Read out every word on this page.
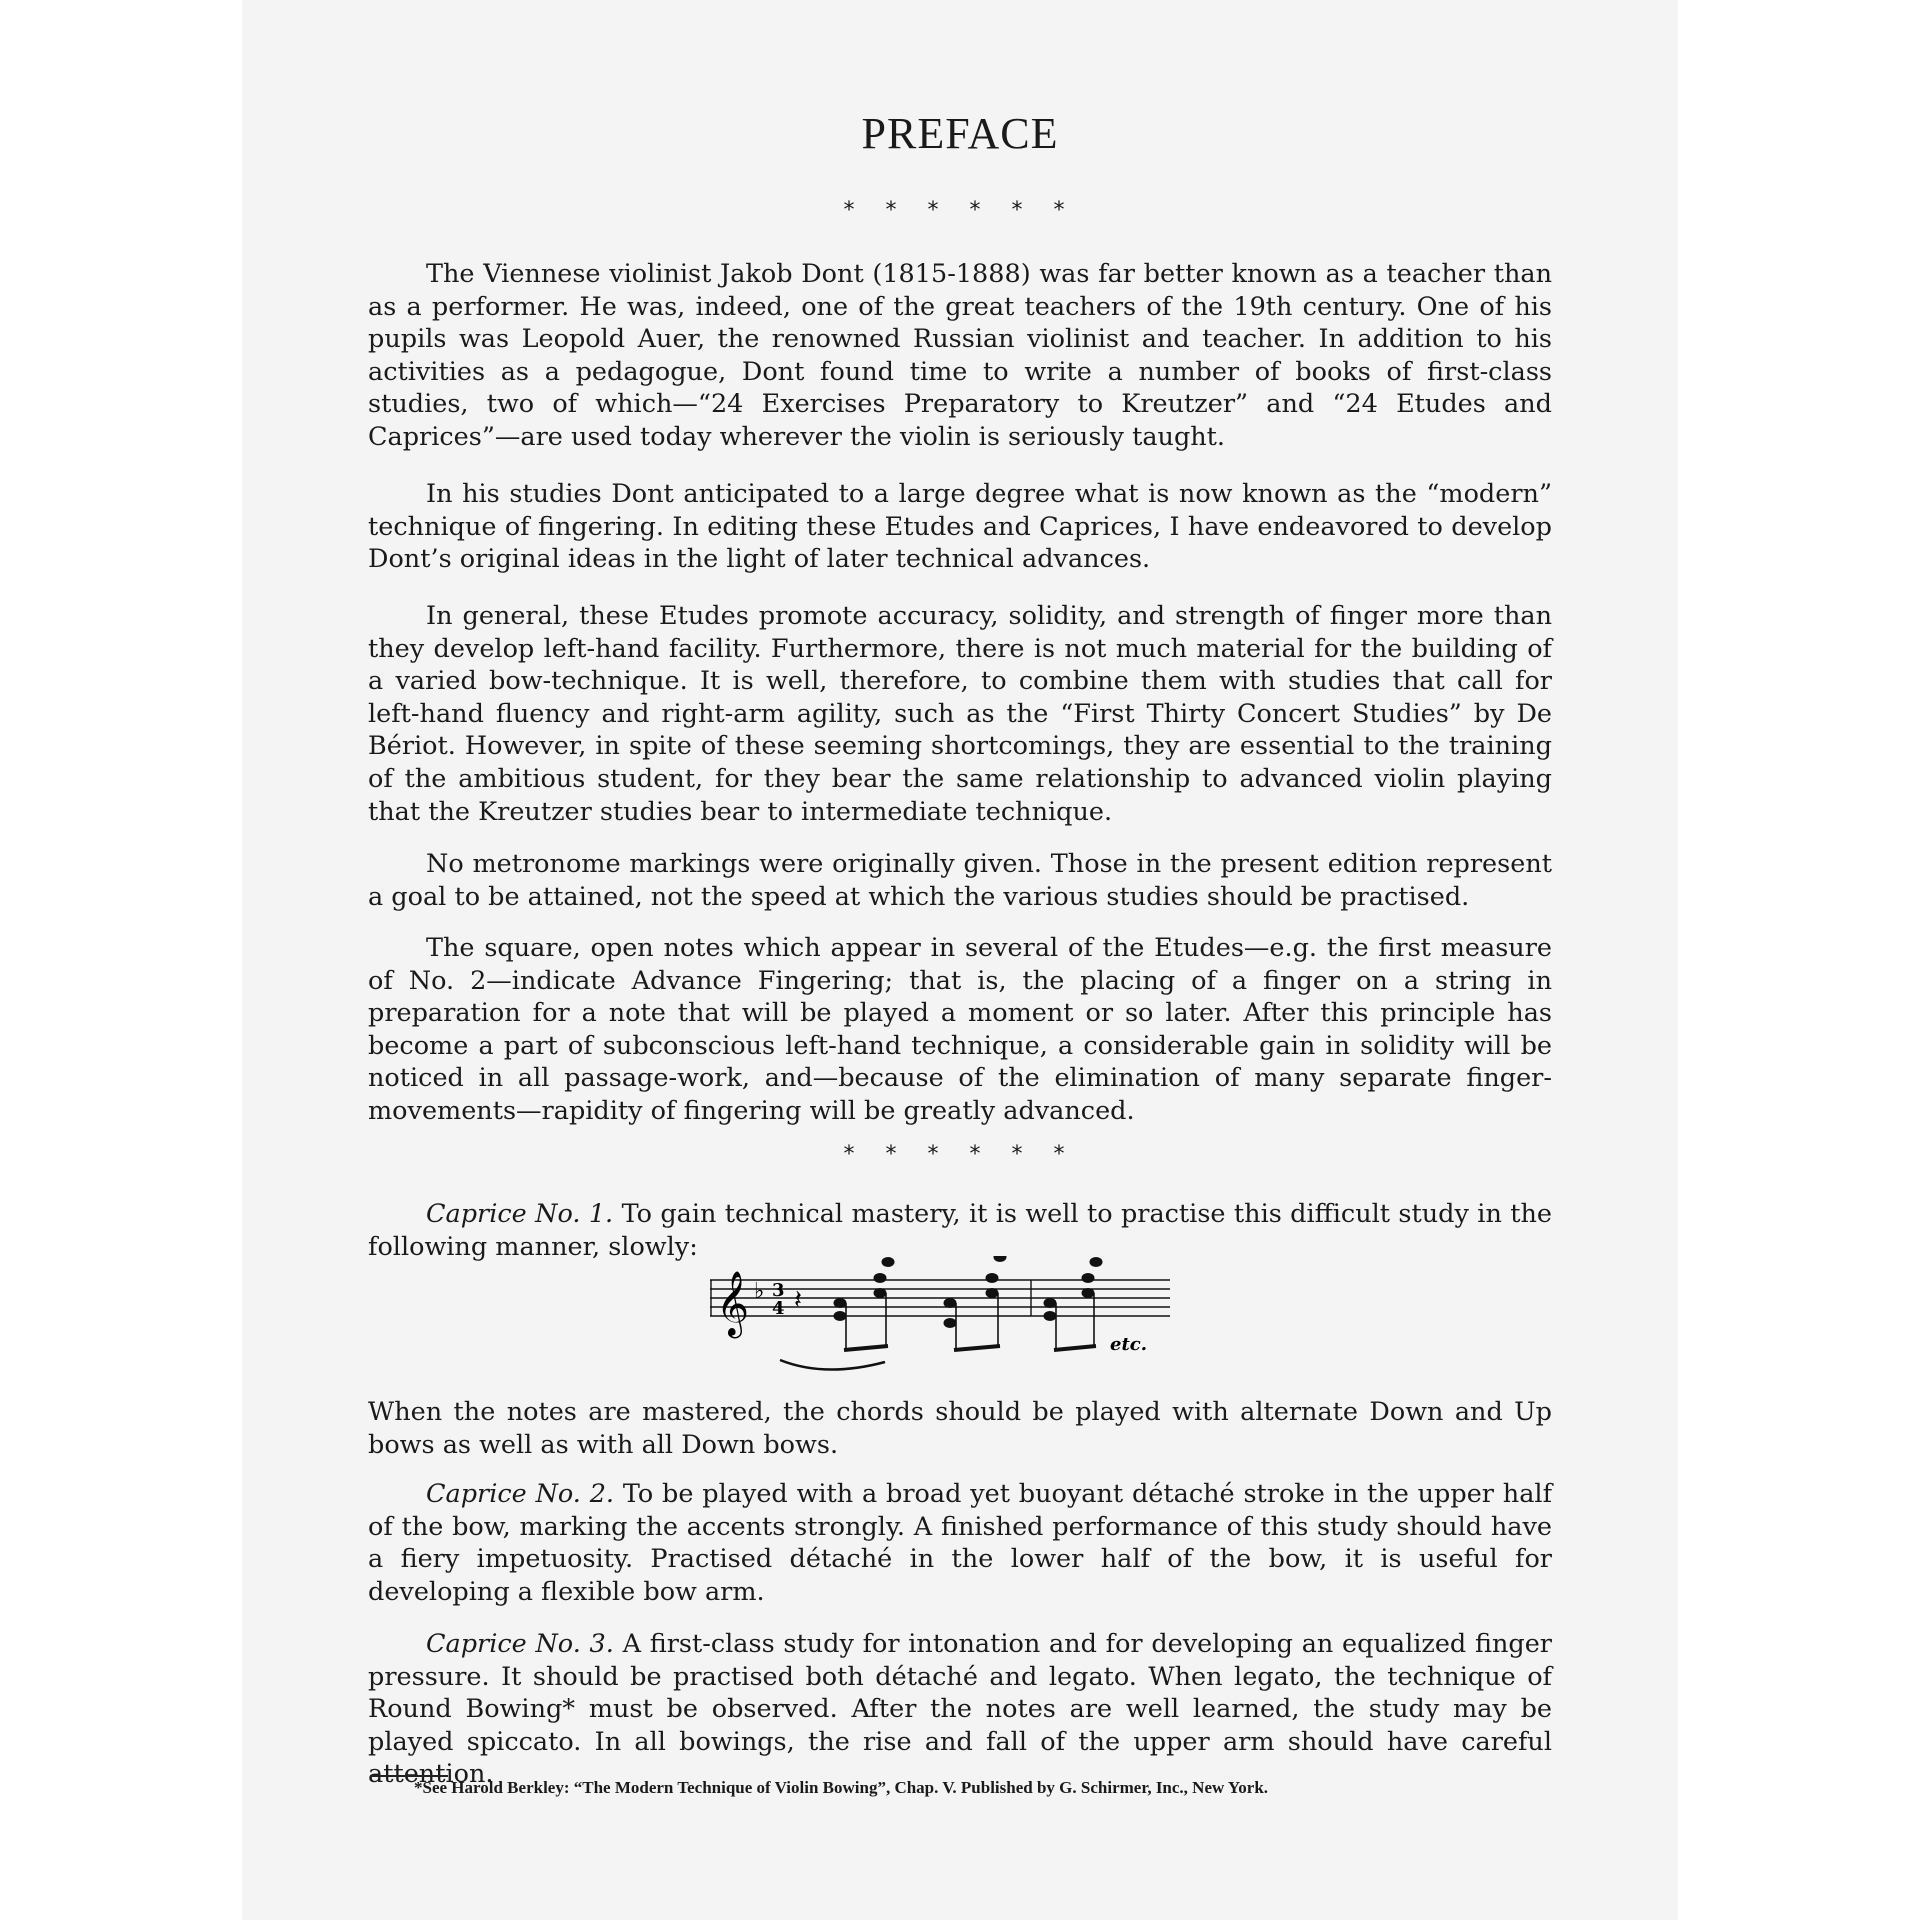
PREFACE
* * * * * *

The Viennese violinist Jakob Dont (1815-1888) was far better known as a teacher than as a performer. He was, indeed, one of the great teachers of the 19th century. One of his pupils was Leopold Auer, the renowned Russian violinist and teacher. In addition to his activities as a pedagogue, Dont found time to write a number of books of first-class studies, two of which—“24 Exercises Preparatory to Kreutzer” and “24 Etudes and Caprices”—are used today wherever the violin is seriously taught.

In his studies Dont anticipated to a large degree what is now known as the “modern” technique of fingering. In editing these Etudes and Caprices, I have endeavored to develop Dont’s original ideas in the light of later technical advances.

In general, these Etudes promote accuracy, solidity, and strength of finger more than they develop left-hand facility. Furthermore, there is not much material for the building of a varied bow-technique. It is well, therefore, to combine them with studies that call for left-hand fluency and right-arm agility, such as the “First Thirty Concert Studies” by De Bériot. However, in spite of these seeming shortcomings, they are essential to the training of the ambitious student, for they bear the same relationship to advanced violin playing that the Kreutzer studies bear to intermediate technique.

No metronome markings were originally given. Those in the present edition represent a goal to be attained, not the speed at which the various studies should be practised.

The square, open notes which appear in several of the Etudes—e.g. the first measure of No. 2—indicate Advance Fingering; that is, the placing of a finger on a string in preparation for a note that will be played a moment or so later. After this principle has become a part of subconscious left-hand technique, a considerable gain in solidity will be noticed in all passage-work, and—because of the elimination of many separate finger-movements—rapidity of fingering will be greatly advanced.

* * * * * *

Caprice No. 1. To gain technical mastery, it is well to practise this difficult study in the following manner, slowly:

𝄞 ♭ 3
4 𝄽
etc.

When the notes are mastered, the chords should be played with alternate Down and Up bows as well as with all Down bows.

Caprice No. 2. To be played with a broad yet buoyant détaché stroke in the upper half of the bow, marking the accents strongly. A finished performance of this study should have a fiery impetuosity. Practised détaché in the lower half of the bow, it is useful for developing a flexible bow arm.

Caprice No. 3. A first-class study for intonation and for developing an equalized finger pressure. It should be practised both détaché and legato. When legato, the technique of Round Bowing* must be observed. After the notes are well learned, the study may be played spiccato. In all bowings, the rise and fall of the upper arm should have careful attention.

*See Harold Berkley: “The Modern Technique of Violin Bowing”, Chap. V. Published by G. Schirmer, Inc., New York.
